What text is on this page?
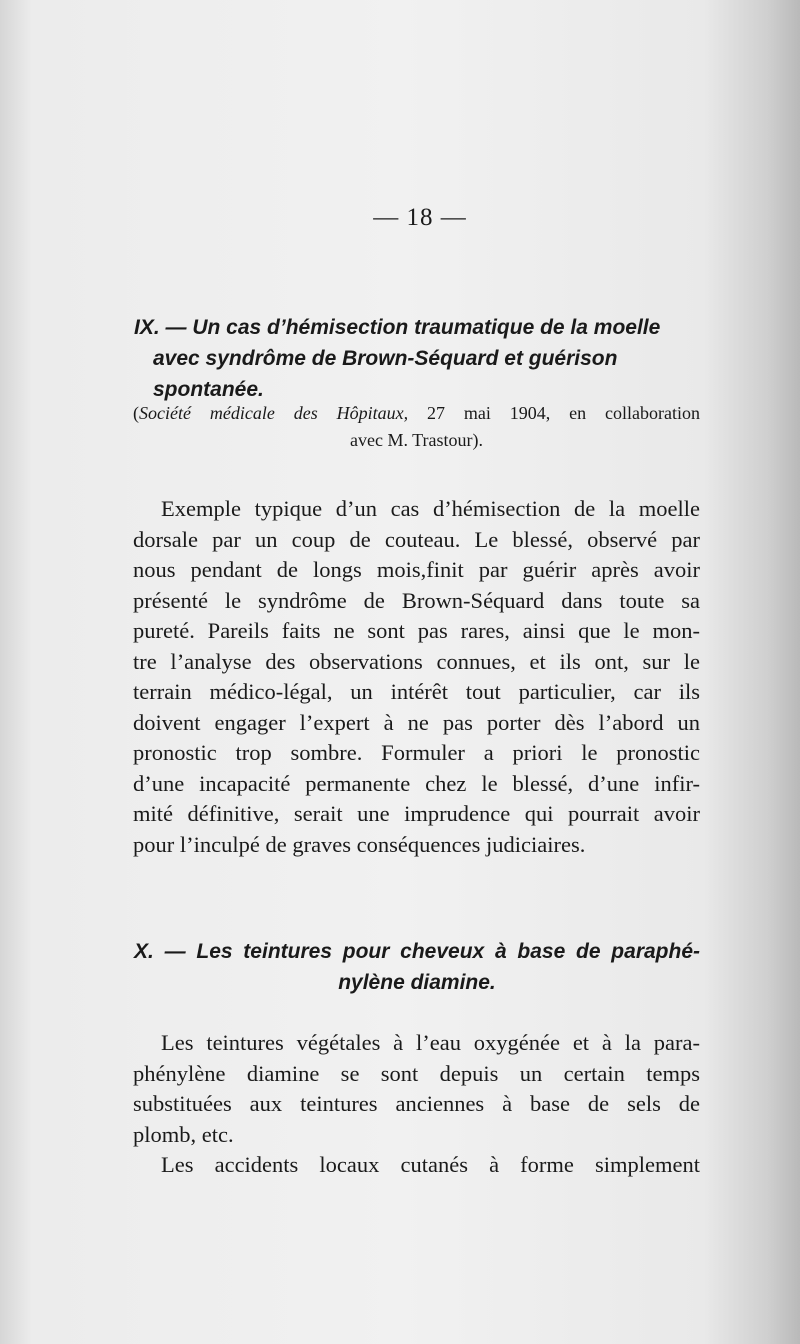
— 18 —
IX. — Un cas d’hémisection traumatique de la moelle
avec syndrôme de Brown-Séquard et guérison
spontanée.
(Société médicale des Hôpitaux, 27 mai 1904, en collaboration
avec M. Trastour).
Exemple typique d’un cas d’hémisection de la moelle
dorsale par un coup de couteau. Le blessé, observé par
nous pendant de longs mois,finit par guérir après avoir
présenté le syndrôme de Brown-Séquard dans toute sa
pureté. Pareils faits ne sont pas rares, ainsi que le mon-
tre l’analyse des observations connues, et ils ont, sur le
terrain médico-légal, un intérêt tout particulier, car ils
doivent engager l’expert à ne pas porter dès l’abord un
pronostic trop sombre. Formuler a priori le pronostic
d’une incapacité permanente chez le blessé, d’une infir-
mité définitive, serait une imprudence qui pourrait avoir
pour l’inculpé de graves conséquences judiciaires.
X. — Les teintures pour cheveux à base de paraphé-
nylène diamine.
Les teintures végétales à l’eau oxygénée et à la para-
phénylène diamine se sont depuis un certain temps
substituées aux teintures anciennes à base de sels de
plomb, etc.
Les accidents locaux cutanés à forme simplement
